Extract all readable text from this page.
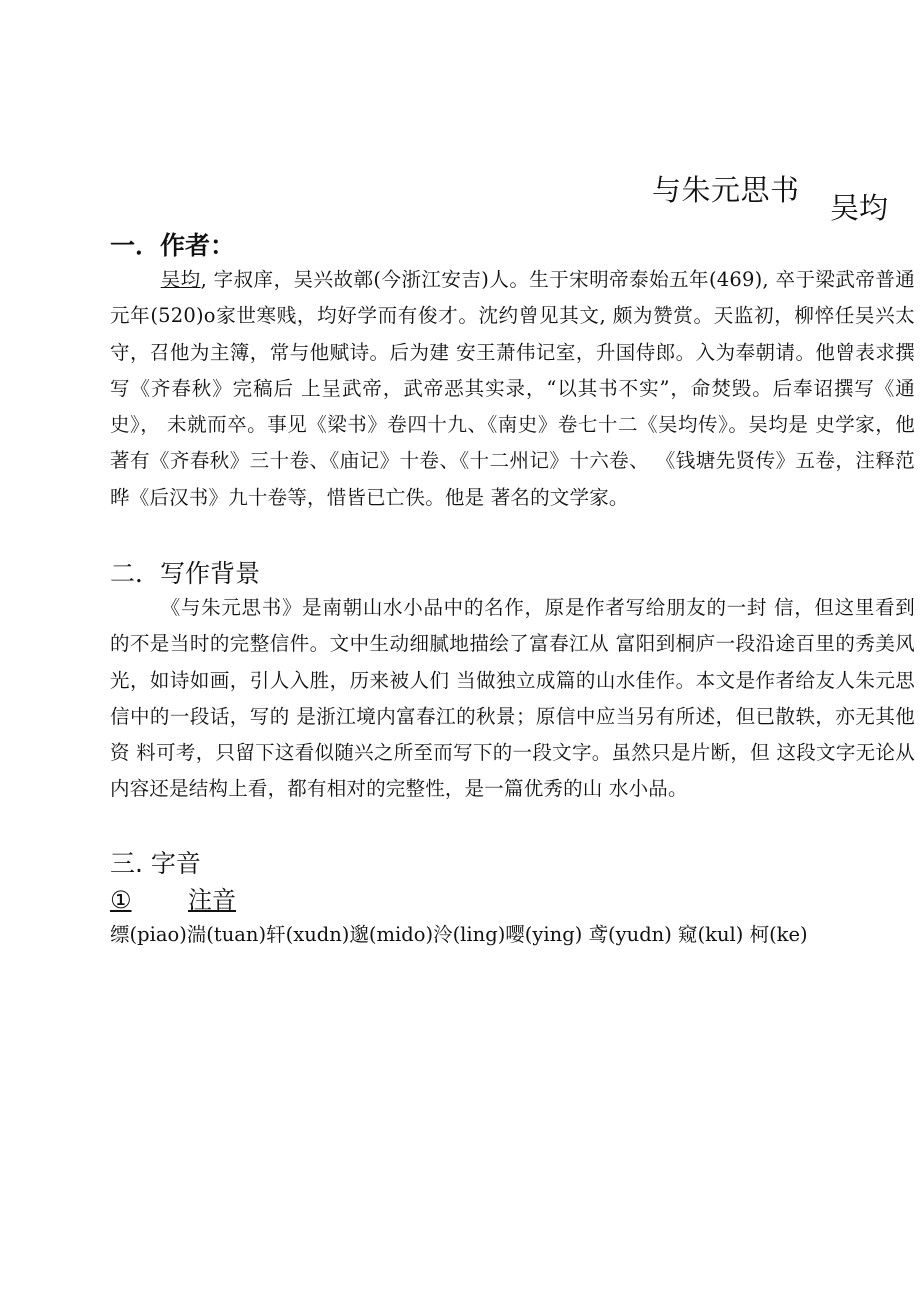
与朱元思书
吴均
一．作者：
吴均, 字叔庠，吴兴故鄣(今浙江安吉)人。生于宋明帝泰始五年(469), 卒于梁武帝普通元年(520)o家世寒贱，均好学而有俊才。沈约曾见其文, 颇为赞赏。天监初，柳悴任吴兴太守，召他为主簿，常与他赋诗。后为建 安王萧伟记室，升国侍郎。入为奉朝请。他曾表求撰写《齐春秋》完稿后 上呈武帝，武帝恶其实录，“以其书不实”，命焚毁。后奉诏撰写《通史》， 未就而卒。事见《梁书》卷四十九、《南史》卷七十二《吴均传》。吴均是 史学家，他著有《齐春秋》三十卷、《庙记》十卷、《十二州记》十六卷、 《钱塘先贤传》五卷，注释范晔《后汉书》九十卷等，惜皆已亡佚。他是 著名的文学家。
二．写作背景
《与朱元思书》是南朝山水小品中的名作，原是作者写给朋友的一封 信，但这里看到的不是当时的完整信件。文中生动细腻地描绘了富春江从 富阳到桐庐一段沿途百里的秀美风光，如诗如画，引人入胜，历来被人们 当做独立成篇的山水佳作。本文是作者给友人朱元思信中的一段话，写的 是浙江境内富春江的秋景；原信中应当另有所述，但已散轶，亦无其他资 料可考，只留下这看似随兴之所至而写下的一段文字。虽然只是片断，但 这段文字无论从内容还是结构上看，都有相对的完整性，是一篇优秀的山 水小品。
三. 字音
① 注音
缥(piao)湍(tuan)轩(xudn)邈(mido)泠(ling)嘤(ying) 鸢(yudn) 窥(kul) 柯(ke)
